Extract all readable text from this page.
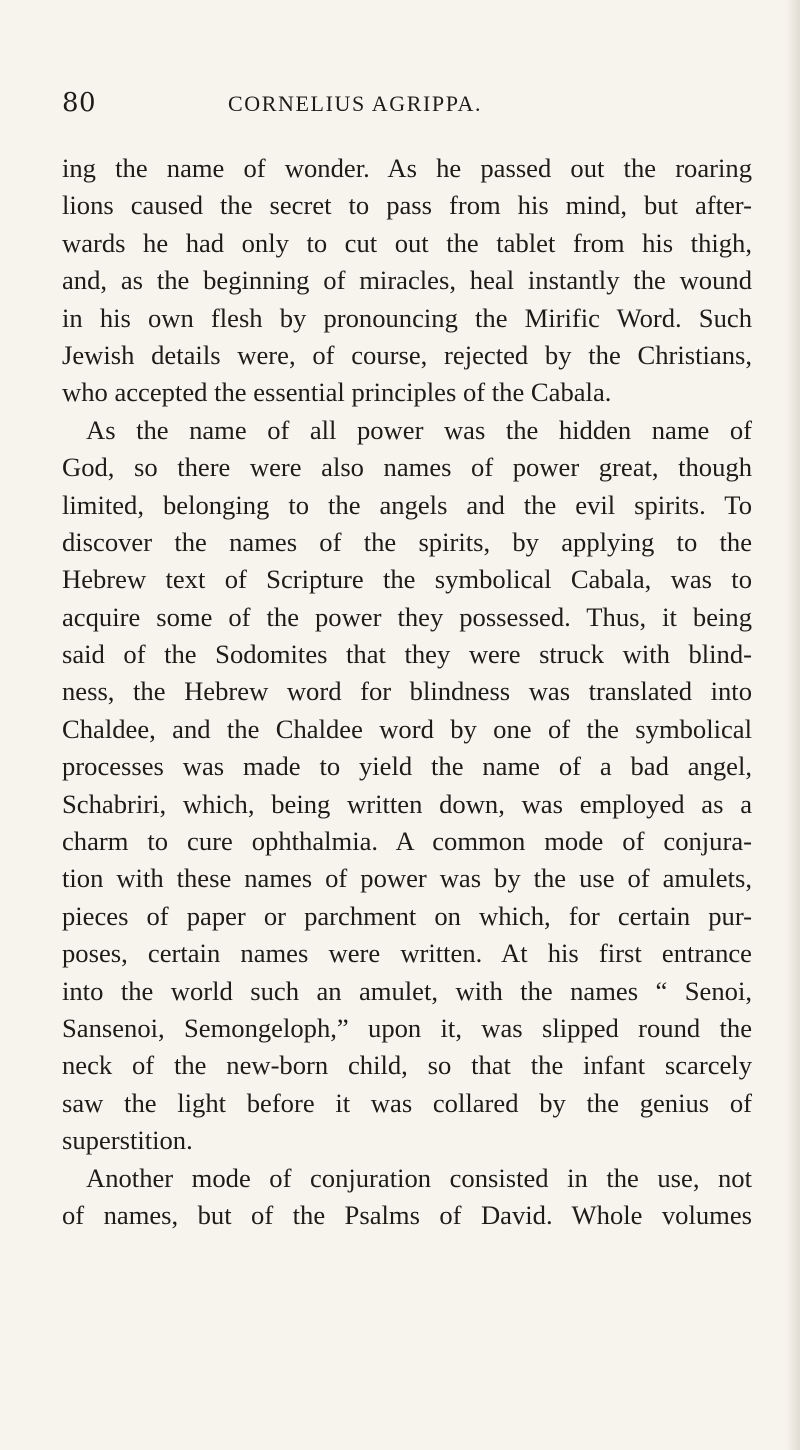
80	CORNELIUS AGRIPPA.
ing the name of wonder. As he passed out the roaring
lions caused the secret to pass from his mind, but after-
wards he had only to cut out the tablet from his thigh,
and, as the beginning of miracles, heal instantly the wound
in his own flesh by pronouncing the Mirific Word. Such
Jewish details were, of course, rejected by the Christians,
who accepted the essential principles of the Cabala.
As the name of all power was the hidden name of
God, so there were also names of power great, though
limited, belonging to the angels and the evil spirits. To
discover the names of the spirits, by applying to the
Hebrew text of Scripture the symbolical Cabala, was to
acquire some of the power they possessed. Thus, it being
said of the Sodomites that they were struck with blind-
ness, the Hebrew word for blindness was translated into
Chaldee, and the Chaldee word by one of the symbolical
processes was made to yield the name of a bad angel,
Schabriri, which, being written down, was employed as a
charm to cure ophthalmia. A common mode of conjura-
tion with these names of power was by the use of amulets,
pieces of paper or parchment on which, for certain pur-
poses, certain names were written. At his first entrance
into the world such an amulet, with the names “ Senoi,
Sansenoi, Semongeloph,” upon it, was slipped round the
neck of the new-born child, so that the infant scarcely
saw the light before it was collared by the genius of
superstition.
Another mode of conjuration consisted in the use, not
of names, but of the Psalms of David. Whole volumes
